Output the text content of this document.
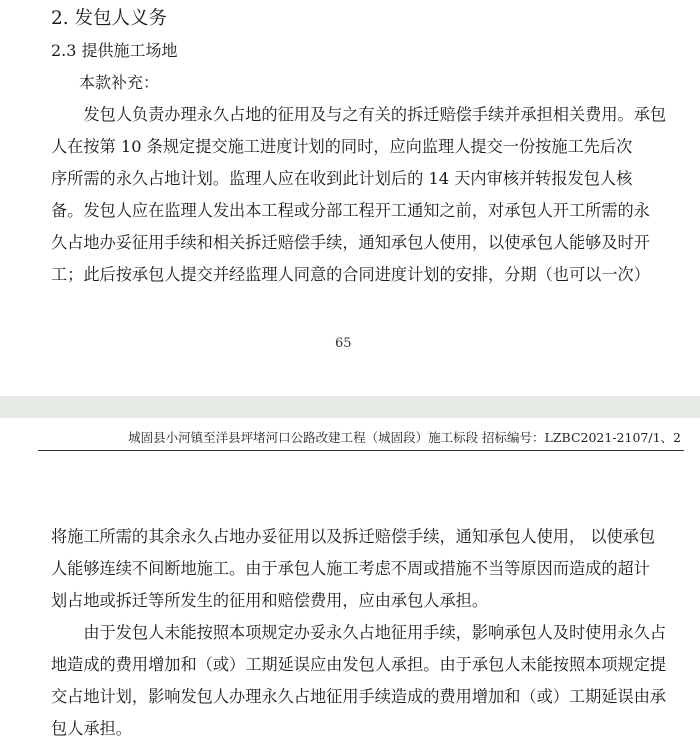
2. 发包人义务
2.3 提供施工场地
本款补充：
　　发包人负责办理永久占地的征用及与之有关的拆迁赔偿手续并承担相关费用。承包
人在按第 10 条规定提交施工进度计划的同时，应向监理人提交一份按施工先后次
序所需的永久占地计划。监理人应在收到此计划后的 14 天内审核并转报发包人核
备。发包人应在监理人发出本工程或分部工程开工通知之前，对承包人开工所需的永
久占地办妥征用手续和相关拆迁赔偿手续，通知承包人使用，以使承包人能够及时开
工；此后按承包人提交并经监理人同意的合同进度计划的安排，分期（也可以一次）
65
城固县小河镇至洋县坪堵河口公路改建工程（城固段）施工标段 招标编号：LZBC2021-2107/1、2
将施工所需的其余永久占地办妥征用以及拆迁赔偿手续，通知承包人使用， 以使承包
人能够连续不间断地施工。由于承包人施工考虑不周或措施不当等原因而造成的超计
划占地或拆迁等所发生的征用和赔偿费用，应由承包人承担。
　　由于发包人未能按照本项规定办妥永久占地征用手续，影响承包人及时使用永久占
地造成的费用增加和（或）工期延误应由发包人承担。由于承包人未能按照本项规定提
交占地计划，影响发包人办理永久占地征用手续造成的费用增加和（或）工期延误由承
包人承担。
